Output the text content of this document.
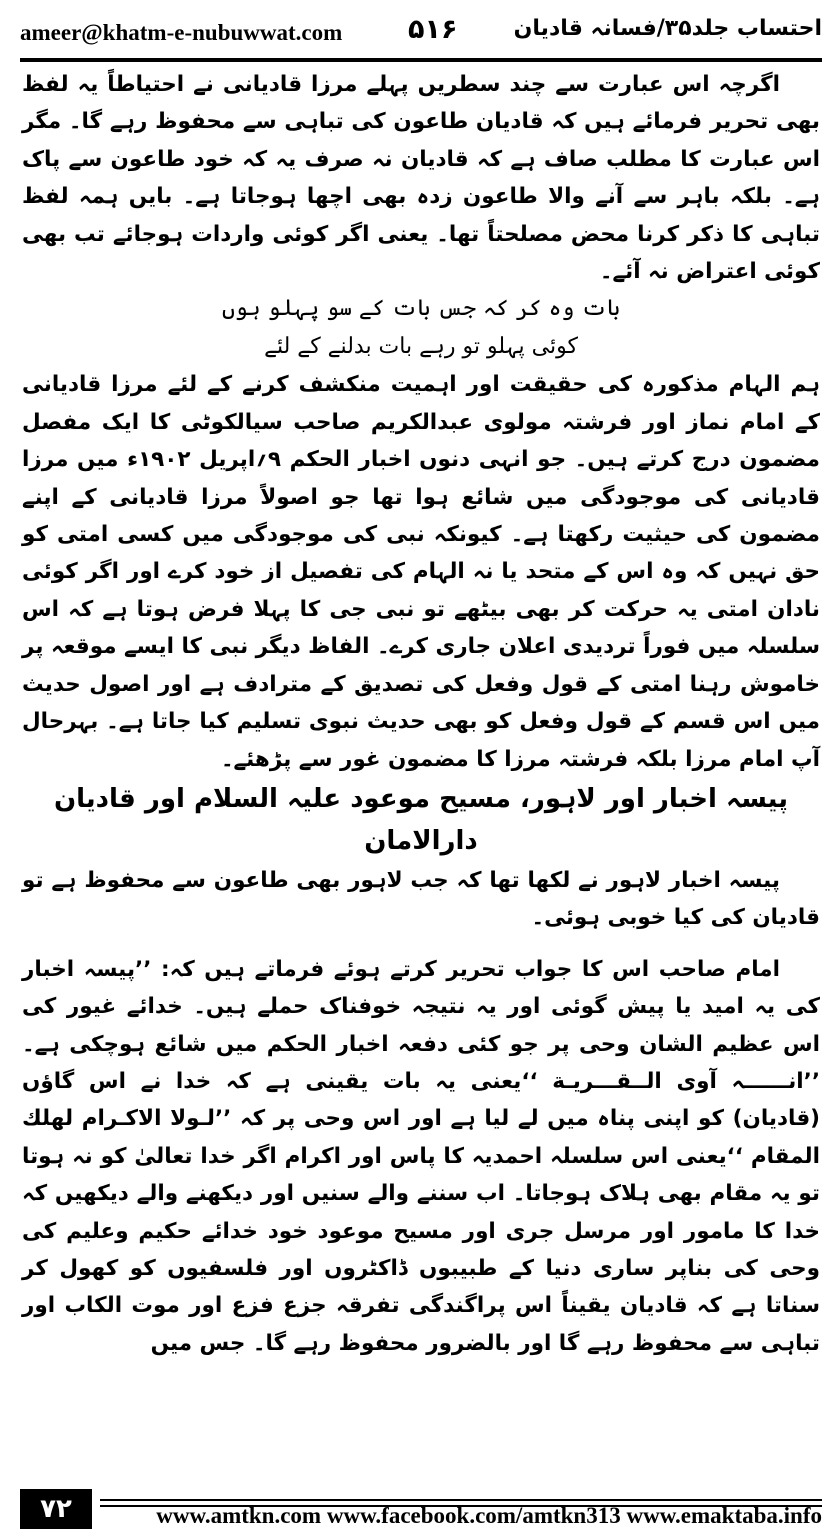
ameer@khatm-e-nubuwwat.com ۵۱۶	احتساب جلد۳۵/فسانہ قادیان

اگرچہ اس عبارت سے چند سطریں پہلے مرزا قادیانی نے احتیاطاً یہ لفظ بھی تحریر فرمائے ہیں کہ قادیان طاعون کی تباہی سے محفوظ رہے گا۔ مگر اس عبارت کا مطلب صاف ہے کہ قادیان نہ صرف یہ کہ خود طاعون سے پاک ہے۔ بلکہ باہر سے آنے والا طاعون زدہ بھی اچھا ہوجاتا ہے۔ بایں ہمہ لفظ تباہی کا ذکر کرنا محض مصلحتاً تھا۔ یعنی اگر کوئی واردات ہوجائے تب بھی کوئی اعتراض نہ آئے۔

بات وہ کر کہ جس بات کے سو پہلو ہوں

کوئی پہلو تو رہے بات بدلنے کے لئے

ہم الہام مذکورہ کی حقیقت اور اہمیت منکشف کرنے کے لئے مرزا قادیانی کے امام نماز اور فرشتہ مولوی عبدالکریم صاحب سیالکوٹی کا ایک مفصل مضمون درج کرتے ہیں۔ جو انہی دنوں اخبار الحکم ۹؍اپریل ۱۹۰۲ء میں مرزا قادیانی کی موجودگی میں شائع ہوا تھا جو اصولاً مرزا قادیانی کے اپنے مضمون کی حیثیت رکھتا ہے۔ کیونکہ نبی کی موجودگی میں کسی امتی کو حق نہیں کہ وہ اس کے متحد یا نہ الہام کی تفصیل از خود کرے اور اگر کوئی نادان امتی یہ حرکت کر بھی بیٹھے تو نبی جی کا پہلا فرض ہوتا ہے کہ اس سلسلہ میں فوراً تردیدی اعلان جاری کرے۔ الفاظ دیگر نبی کا ایسے موقعہ پر خاموش رہنا امتی کے قول وفعل کی تصدیق کے مترادف ہے اور اصول حدیث میں اس قسم کے قول وفعل کو بھی حدیث نبوی تسلیم کیا جاتا ہے۔ بہرحال آپ امام مرزا بلکہ فرشتہ مرزا کا مضمون غور سے پڑھئے۔

پیسہ اخبار اور لاہور، مسیح موعود علیہ السلام اور قادیان دارالامان

پیسہ اخبار لاہور نے لکھا تھا کہ جب لاہور بھی طاعون سے محفوظ ہے تو قادیان کی کیا خوبی ہوئی۔

امام صاحب اس کا جواب تحریر کرتے ہوئے فرماتے ہیں کہ: ’’پیسہ اخبار کی یہ امید یا پیش گوئی اور یہ نتیجہ خوفناک حملے ہیں۔ خدائے غیور کی اس عظیم الشان وحی پر جو کئی دفعہ اخبار الحکم میں شائع ہوچکی ہے۔ ’’انــــــہ آوی الــقـــریـة ‘‘یعنی یہ بات یقینی ہے کہ خدا نے اس گاؤں (قادیان) کو اپنی پناہ میں لے لیا ہے اور اس وحی پر کہ ’’لـولا الاکـرام لهلك المقام ‘‘یعنی اس سلسلہ احمدیہ کا پاس اور اکرام اگر خدا تعالیٰ کو نہ ہوتا تو یہ مقام بھی ہلاک ہوجاتا۔ اب سننے والے سنیں اور دیکھنے والے دیکھیں کہ خدا کا مامور اور مرسل جری اور مسیح موعود خود خدائے حکیم وعلیم کی وحی کی بناپر ساری دنیا کے طبیبوں ڈاکٹروں اور فلسفیوں کو کھول کر سناتا ہے کہ قادیان یقیناً اس پراگندگی تفرقہ جزع فزع اور موت الکاب اور تباہی سے محفوظ رہے گا اور بالضرور محفوظ رہے گا۔ جس میں

۷۲	www.amtkn.com www.facebook.com/amtkn313 www.emaktaba.info
